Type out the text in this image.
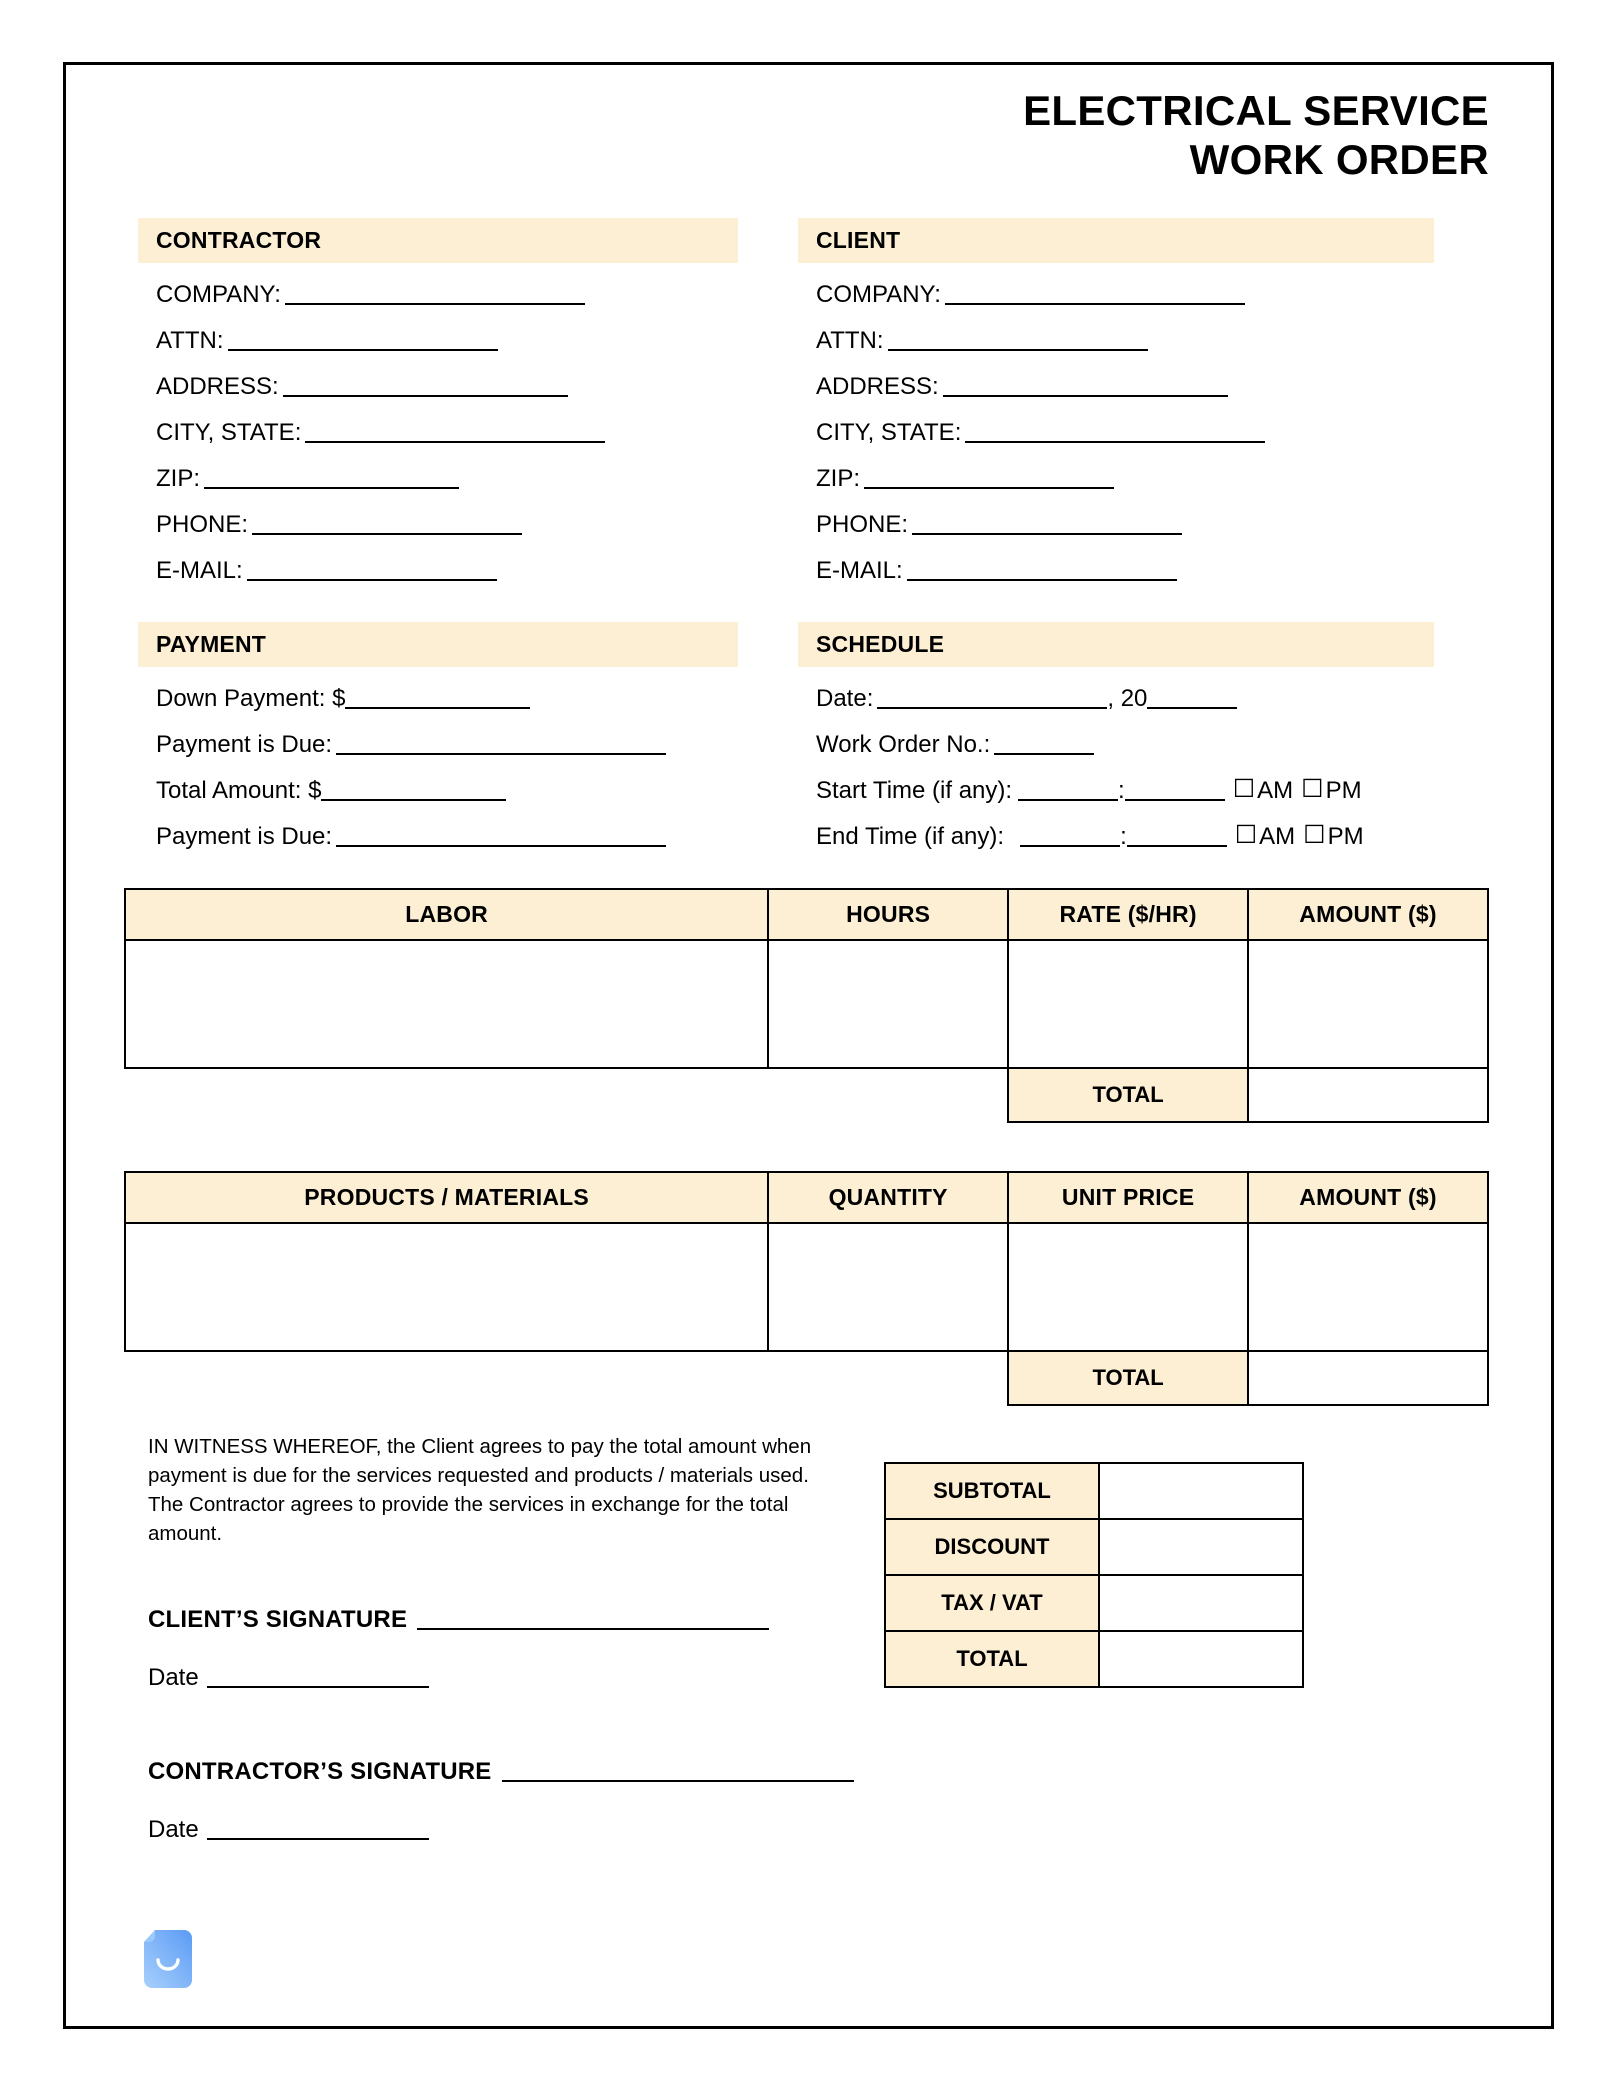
ELECTRICAL SERVICE
WORK ORDER
CONTRACTOR
COMPANY:
ATTN:
ADDRESS:
CITY, STATE:
ZIP:
PHONE:
E-MAIL:
CLIENT
COMPANY:
ATTN:
ADDRESS:
CITY, STATE:
ZIP:
PHONE:
E-MAIL:
PAYMENT
Down Payment: $
Payment is Due:
Total Amount: $
Payment is Due:
SCHEDULE
Date:	, 20
Work Order No.:
Start Time (if any):	:	☐AM ☐PM
End Time (if any):	:	☐AM ☐PM
LABOR	HOURS	RATE ($/HR)	AMOUNT ($)

		TOTAL	
PRODUCTS / MATERIALS	QUANTITY	UNIT PRICE	AMOUNT ($)

		TOTAL	
IN WITNESS WHEREOF, the Client agrees to pay the total amount when payment is due for the services requested and products / materials used. The Contractor agrees to provide the services in exchange for the total amount.
CLIENT’S SIGNATURE
Date
CONTRACTOR’S SIGNATURE
Date
SUBTOTAL	
DISCOUNT	
TAX / VAT	
TOTAL	
